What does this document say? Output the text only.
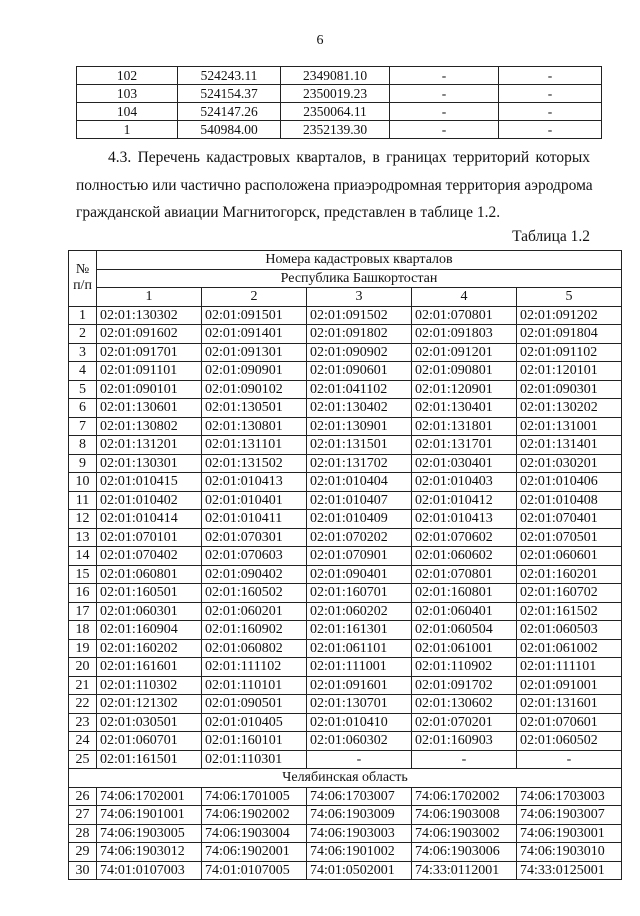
6
102	524243.11	2349081.10	-	-
103	524154.37	2350019.23	-	-
104	524147.26	2350064.11	-	-
1	540984.00	2352139.30	-	-
4.3. Перечень кадастровых кварталов, в границах территорий которых
полностью или частично расположена приаэродромная территория аэродрома
гражданской авиации Магнитогорск, представлен в таблице 1.2.
Таблица 1.2
№ п/п	Номера кадастровых кварталов				
	Республика Башкортостан				
	1	2	3	4	5
1	02:01:130302	02:01:091501	02:01:091502	02:01:070801	02:01:091202
2	02:01:091602	02:01:091401	02:01:091802	02:01:091803	02:01:091804
3	02:01:091701	02:01:091301	02:01:090902	02:01:091201	02:01:091102
4	02:01:091101	02:01:090901	02:01:090601	02:01:090801	02:01:120101
5	02:01:090101	02:01:090102	02:01:041102	02:01:120901	02:01:090301
6	02:01:130601	02:01:130501	02:01:130402	02:01:130401	02:01:130202
7	02:01:130802	02:01:130801	02:01:130901	02:01:131801	02:01:131001
8	02:01:131201	02:01:131101	02:01:131501	02:01:131701	02:01:131401
9	02:01:130301	02:01:131502	02:01:131702	02:01:030401	02:01:030201
10	02:01:010415	02:01:010413	02:01:010404	02:01:010403	02:01:010406
11	02:01:010402	02:01:010401	02:01:010407	02:01:010412	02:01:010408
12	02:01:010414	02:01:010411	02:01:010409	02:01:010413	02:01:070401
13	02:01:070101	02:01:070301	02:01:070202	02:01:070602	02:01:070501
14	02:01:070402	02:01:070603	02:01:070901	02:01:060602	02:01:060601
15	02:01:060801	02:01:090402	02:01:090401	02:01:070801	02:01:160201
16	02:01:160501	02:01:160502	02:01:160701	02:01:160801	02:01:160702
17	02:01:060301	02:01:060201	02:01:060202	02:01:060401	02:01:161502
18	02:01:160904	02:01:160902	02:01:161301	02:01:060504	02:01:060503
19	02:01:160202	02:01:060802	02:01:061101	02:01:061001	02:01:061002
20	02:01:161601	02:01:111102	02:01:111001	02:01:110902	02:01:111101
21	02:01:110302	02:01:110101	02:01:091601	02:01:091702	02:01:091001
22	02:01:121302	02:01:090501	02:01:130701	02:01:130602	02:01:131601
23	02:01:030501	02:01:010405	02:01:010410	02:01:070201	02:01:070601
24	02:01:060701	02:01:160101	02:01:060302	02:01:160903	02:01:060502
25	02:01:161501	02:01:110301	-	-	-
Челябинская область					
26	74:06:1702001	74:06:1701005	74:06:1703007	74:06:1702002	74:06:1703003
27	74:06:1901001	74:06:1902002	74:06:1903009	74:06:1903008	74:06:1903007
28	74:06:1903005	74:06:1903004	74:06:1903003	74:06:1903002	74:06:1903001
29	74:06:1903012	74:06:1902001	74:06:1901002	74:06:1903006	74:06:1903010
30	74:01:0107003	74:01:0107005	74:01:0502001	74:33:0112001	74:33:0125001
